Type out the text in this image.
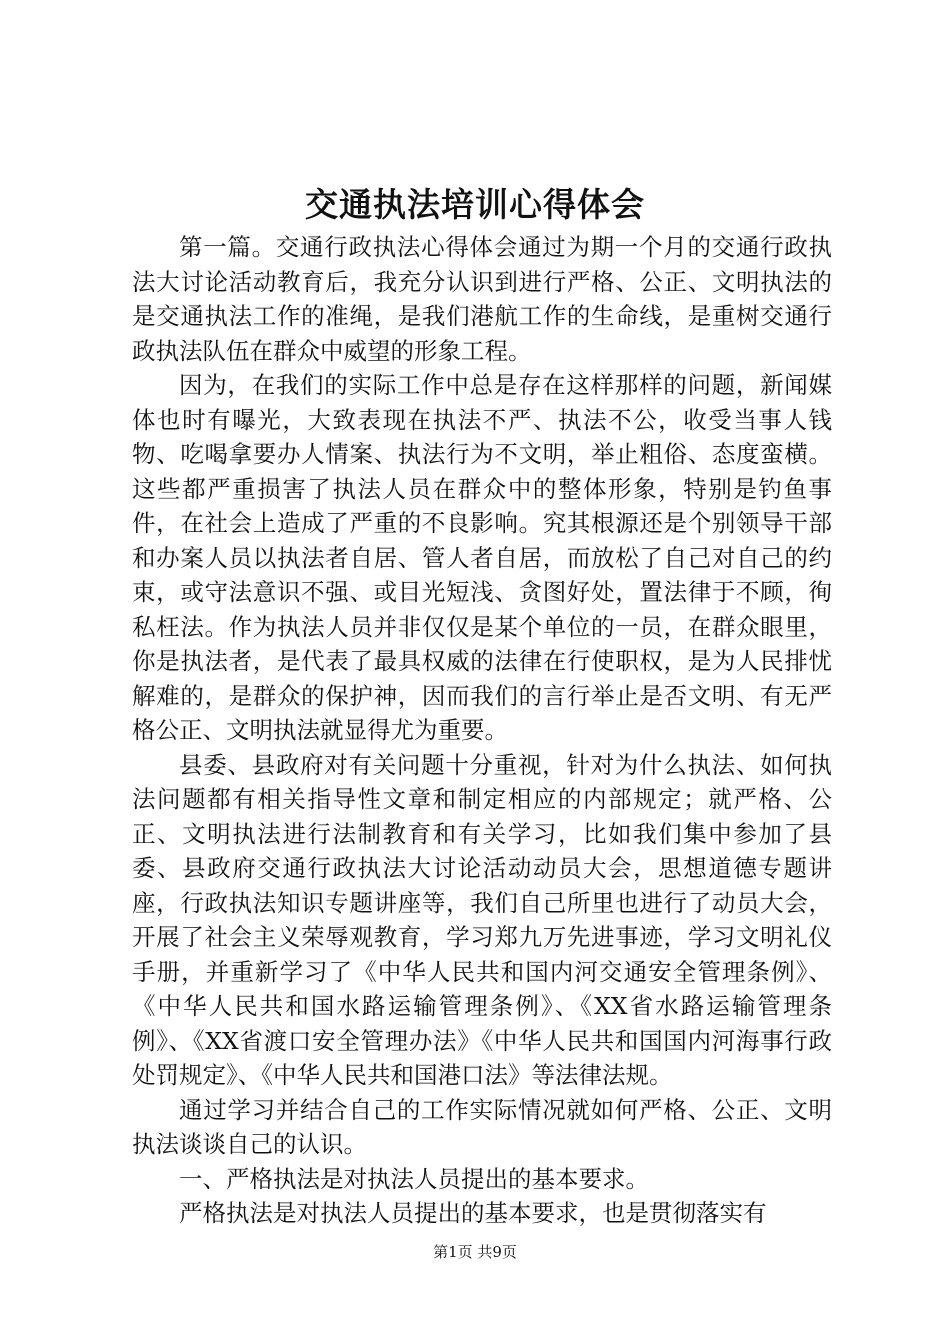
交通执法培训心得体会

第一篇。交通行政执法心得体会通过为期一个月的交通行政执法大讨论活动教育后，我充分认识到进行严格、公正、文明执法的是交通执法工作的准绳，是我们港航工作的生命线，是重树交通行政执法队伍在群众中威望的形象工程。

因为，在我们的实际工作中总是存在这样那样的问题，新闻媒体也时有曝光，大致表现在执法不严、执法不公，收受当事人钱物、吃喝拿要办人情案、执法行为不文明，举止粗俗、态度蛮横。这些都严重损害了执法人员在群众中的整体形象，特别是钓鱼事件，在社会上造成了严重的不良影响。究其根源还是个别领导干部和办案人员以执法者自居、管人者自居，而放松了自己对自己的约束，或守法意识不强、或目光短浅、贪图好处，置法律于不顾，徇私枉法。作为执法人员并非仅仅是某个单位的一员，在群众眼里，你是执法者，是代表了最具权威的法律在行使职权，是为人民排忧解难的，是群众的保护神，因而我们的言行举止是否文明、有无严格公正、文明执法就显得尤为重要。

县委、县政府对有关问题十分重视，针对为什么执法、如何执法问题都有相关指导性文章和制定相应的内部规定；就严格、公正、文明执法进行法制教育和有关学习，比如我们集中参加了县委、县政府交通行政执法大讨论活动动员大会，思想道德专题讲座，行政执法知识专题讲座等，我们自己所里也进行了动员大会，开展了社会主义荣辱观教育，学习郑九万先进事迹，学习文明礼仪手册，并重新学习了《中华人民共和国内河交通安全管理条例》、《中华人民共和国水路运输管理条例》、《XX省水路运输管理条例》、《XX省渡口安全管理办法》《中华人民共和国国内河海事行政处罚规定》、《中华人民共和国港口法》等法律法规。

通过学习并结合自己的工作实际情况就如何严格、公正、文明执法谈谈自己的认识。

一、严格执法是对执法人员提出的基本要求。

严格执法是对执法人员提出的基本要求，也是贯彻落实有

第1页 共9页
